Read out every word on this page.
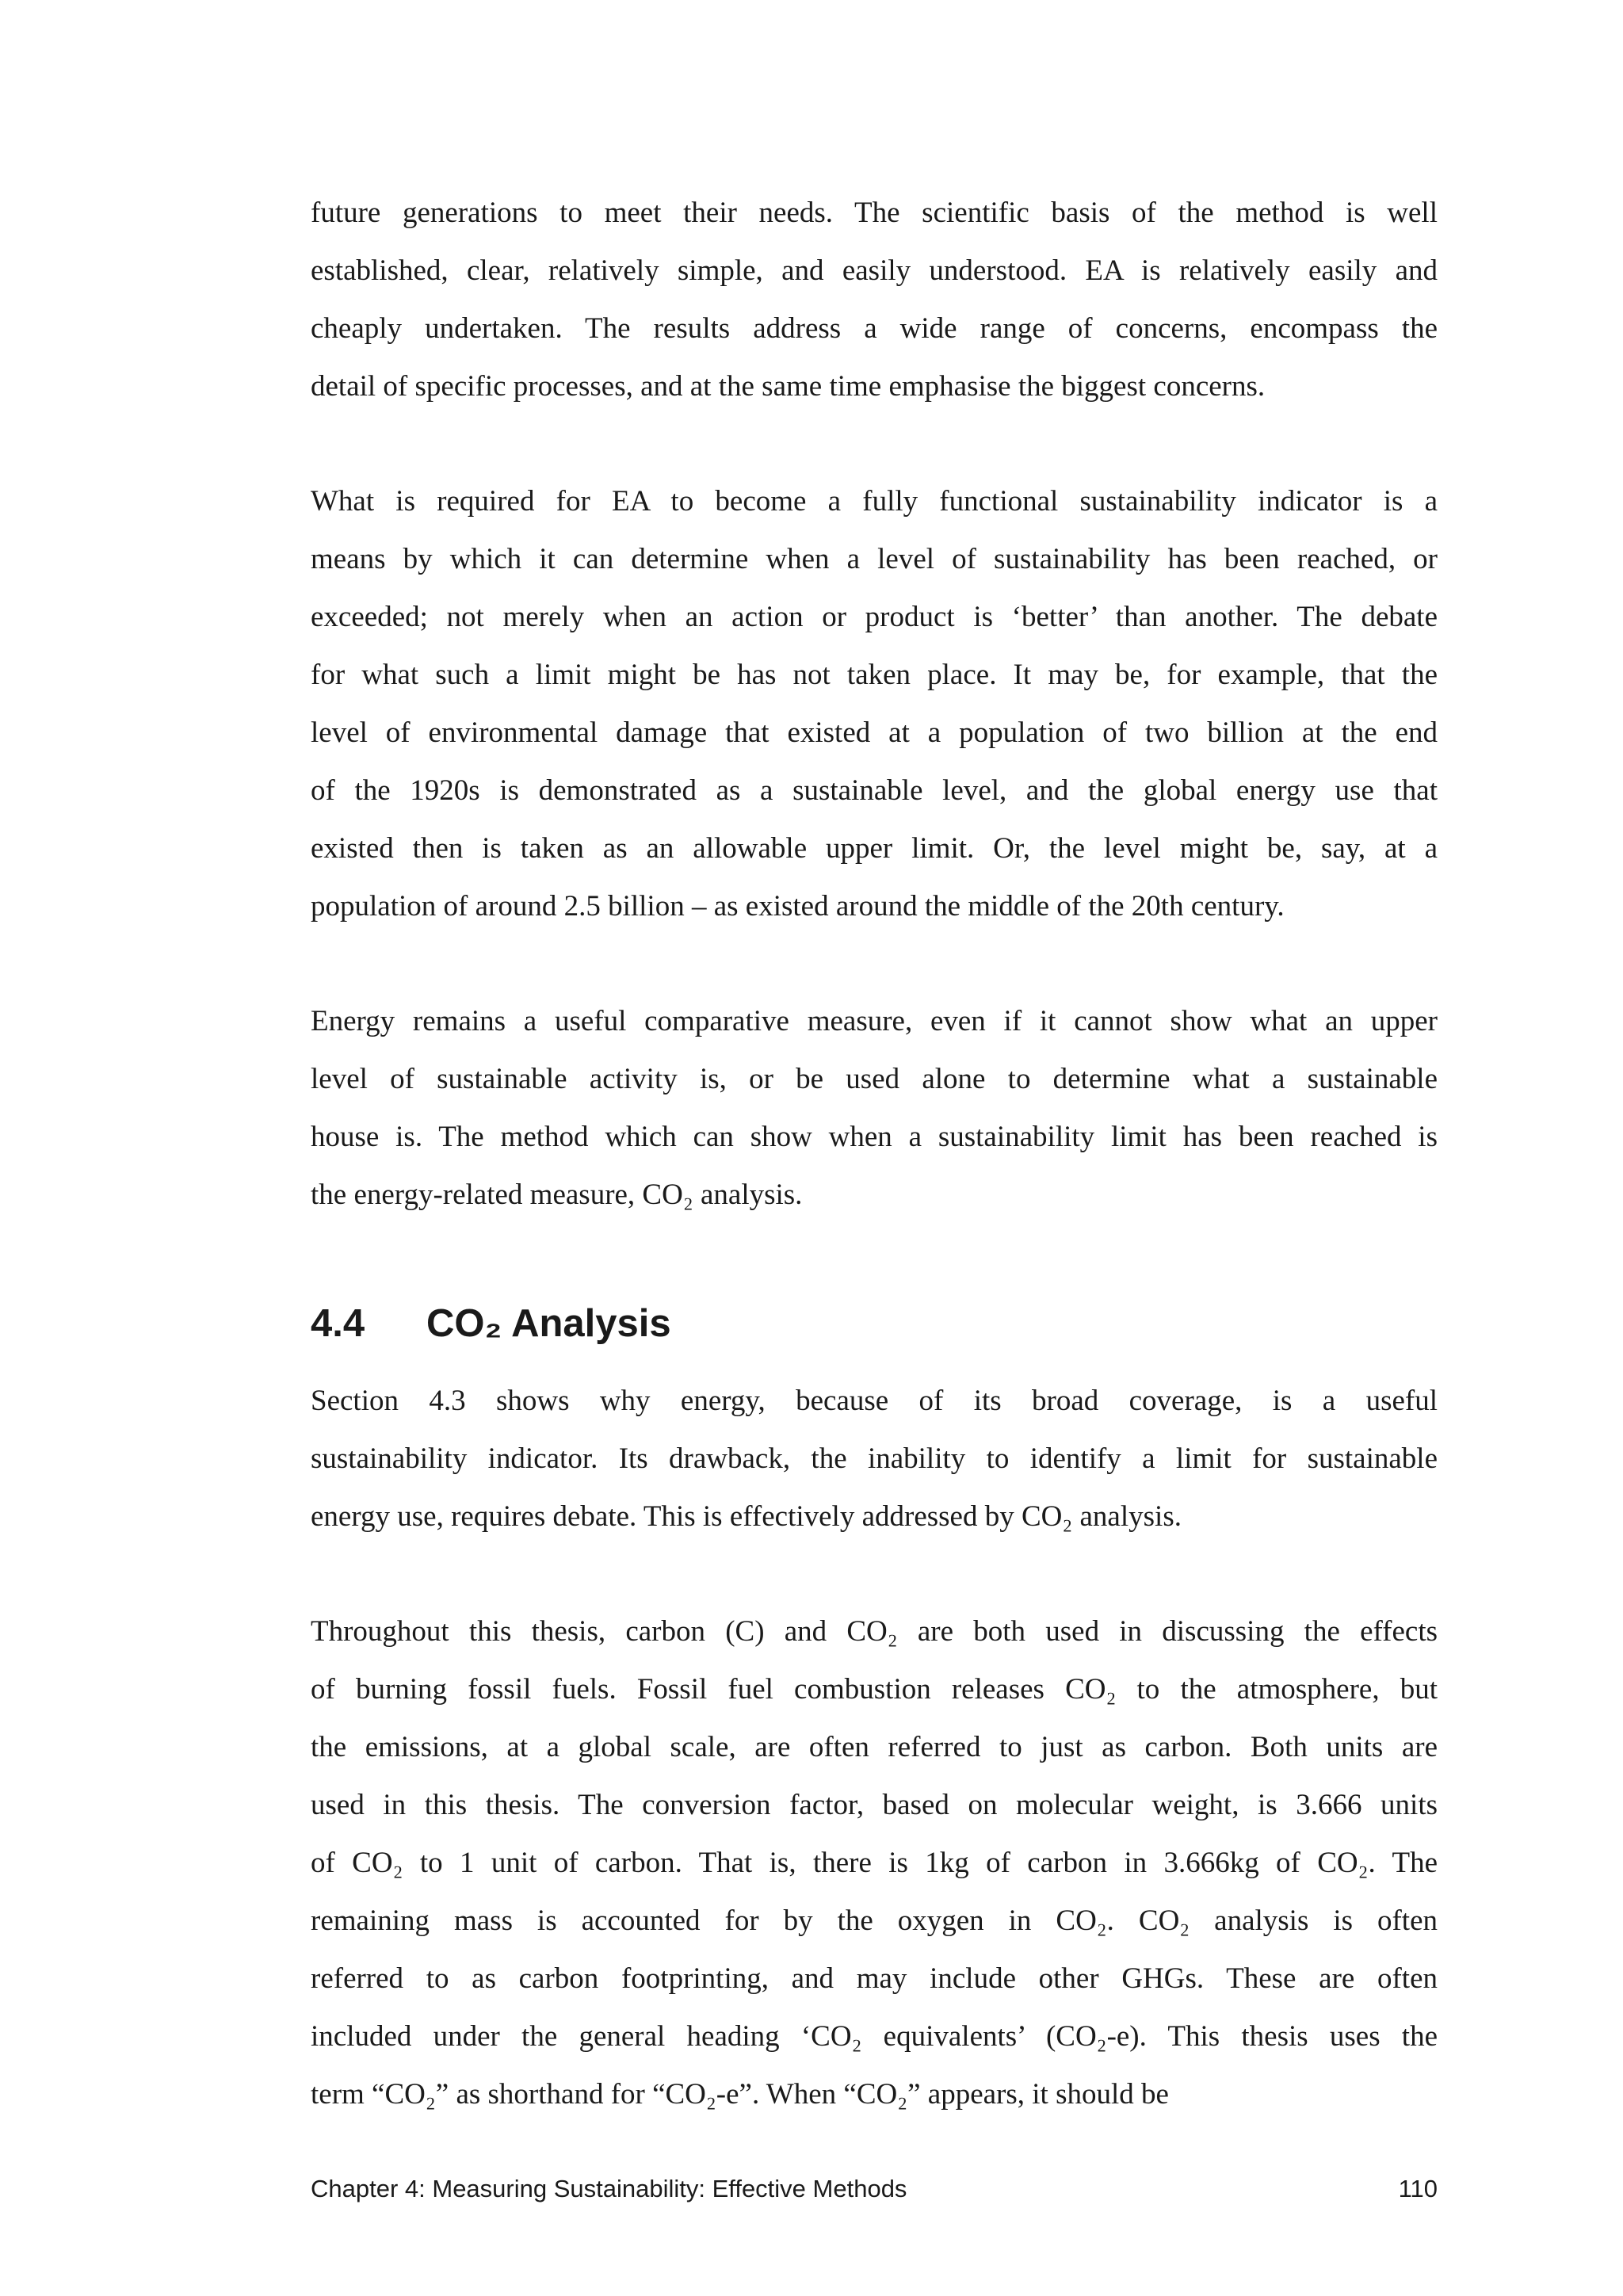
future generations to meet their needs. The scientific basis of the method is well
established, clear, relatively simple, and easily understood. EA is relatively easily and
cheaply undertaken. The results address a wide range of concerns, encompass the
detail of specific processes, and at the same time emphasise the biggest concerns.

What is required for EA to become a fully functional sustainability indicator is a
means by which it can determine when a level of sustainability has been reached, or
exceeded; not merely when an action or product is ‘better’ than another. The debate
for what such a limit might be has not taken place. It may be, for example, that the
level of environmental damage that existed at a population of two billion at the end
of the 1920s is demonstrated as a sustainable level, and the global energy use that
existed then is taken as an allowable upper limit. Or, the level might be, say, at a
population of around 2.5 billion – as existed around the middle of the 20th century.

Energy remains a useful comparative measure, even if it cannot show what an upper
level of sustainable activity is, or be used alone to determine what a sustainable
house is. The method which can show when a sustainability limit has been reached is
the energy-related measure, CO₂ analysis.

4.4 CO₂ Analysis

Section 4.3 shows why energy, because of its broad coverage, is a useful
sustainability indicator. Its drawback, the inability to identify a limit for sustainable
energy use, requires debate. This is effectively addressed by CO₂ analysis.

Throughout this thesis, carbon (C) and CO₂ are both used in discussing the effects
of burning fossil fuels. Fossil fuel combustion releases CO₂ to the atmosphere, but
the emissions, at a global scale, are often referred to just as carbon. Both units are
used in this thesis. The conversion factor, based on molecular weight, is 3.666 units
of CO₂ to 1 unit of carbon. That is, there is 1kg of carbon in 3.666kg of CO₂. The
remaining mass is accounted for by the oxygen in CO₂. CO₂ analysis is often
referred to as carbon footprinting, and may include other GHGs. These are often
included under the general heading ‘CO₂ equivalents’ (CO₂-e). This thesis uses the
term “CO₂” as shorthand for “CO₂-e”. When “CO₂” appears, it should be

Chapter 4: Measuring Sustainability: Effective Methods	110
